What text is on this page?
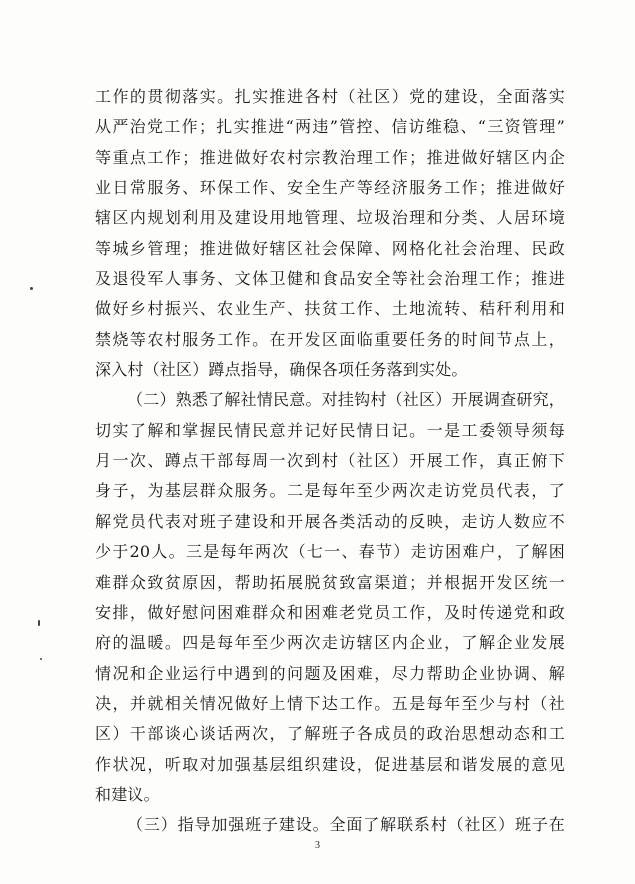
工作的贯彻落实。扎实推进各村（社区）党的建设，全面落实
从严治党工作；扎实推进“两违”管控、信访维稳、“三资管理”
等重点工作；推进做好农村宗教治理工作；推进做好辖区内企
业日常服务、环保工作、安全生产等经济服务工作；推进做好
辖区内规划利用及建设用地管理、垃圾治理和分类、人居环境
等城乡管理；推进做好辖区社会保障、网格化社会治理、民政
及退役军人事务、文体卫健和食品安全等社会治理工作；推进
做好乡村振兴、农业生产、扶贫工作、土地流转、秸秆利用和
禁烧等农村服务工作。在开发区面临重要任务的时间节点上，
深入村（社区）蹲点指导，确保各项任务落到实处。
（二）熟悉了解社情民意。对挂钩村（社区）开展调查研究，
切实了解和掌握民情民意并记好民情日记。一是工委领导须每
月一次、蹲点干部每周一次到村（社区）开展工作，真正俯下
身子，为基层群众服务。二是每年至少两次走访党员代表，了
解党员代表对班子建设和开展各类活动的反映，走访人数应不
少于20人。三是每年两次（七一、春节）走访困难户，了解困
难群众致贫原因，帮助拓展脱贫致富渠道；并根据开发区统一
安排，做好慰问困难群众和困难老党员工作，及时传递党和政
府的温暖。四是每年至少两次走访辖区内企业，了解企业发展
情况和企业运行中遇到的问题及困难，尽力帮助企业协调、解
决，并就相关情况做好上情下达工作。五是每年至少与村（社
区）干部谈心谈话两次，了解班子各成员的政治思想动态和工
作状况，听取对加强基层组织建设，促进基层和谐发展的意见
和建议。
（三）指导加强班子建设。全面了解联系村（社区）班子在
3
